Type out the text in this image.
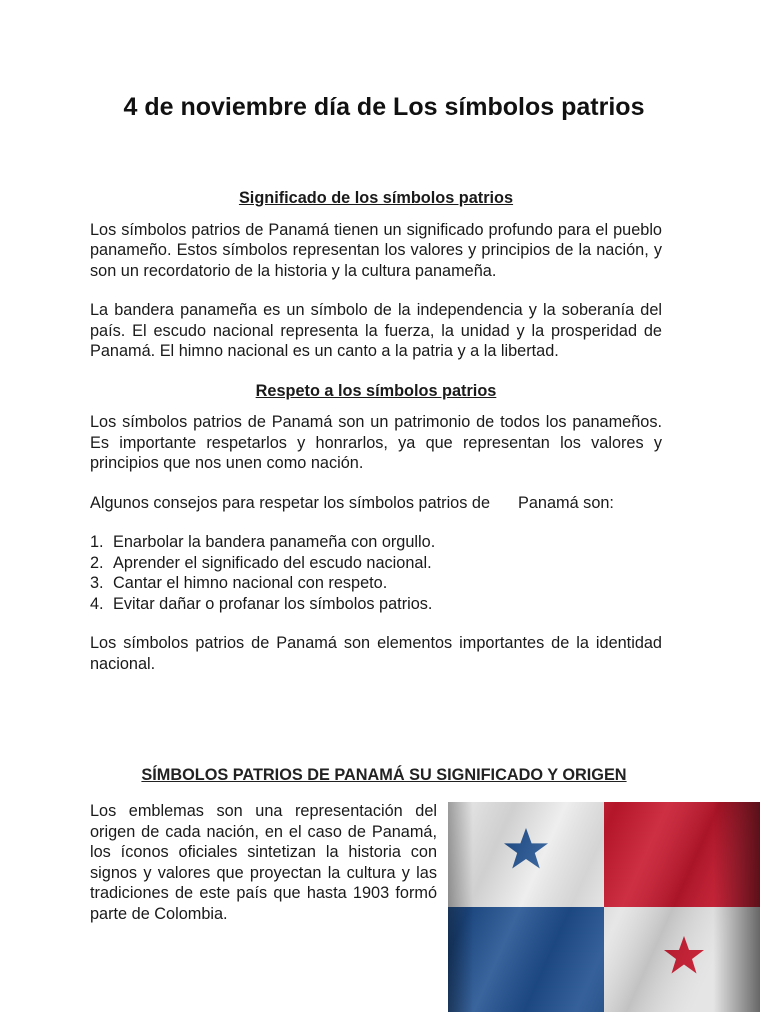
4 de noviembre día de Los símbolos patrios

Significado de los símbolos patrios

Los símbolos patrios de Panamá tienen un significado profundo para el pueblo panameño. Estos símbolos representan los valores y principios de la nación, y son un recordatorio de la historia y la cultura panameña.

La bandera panameña es un símbolo de la independencia y la soberanía del país. El escudo nacional representa la fuerza, la unidad y la prosperidad de Panamá. El himno nacional es un canto a la patria y a la libertad.

Respeto a los símbolos patrios

Los símbolos patrios de Panamá son un patrimonio de todos los panameños. Es importante respetarlos y honrarlos, ya que representan los valores y principios que nos unen como nación.

Algunos consejos para respetar los símbolos patrios de Panamá son:

1. Enarbolar la bandera panameña con orgullo.
2. Aprender el significado del escudo nacional.
3. Cantar el himno nacional con respeto.
4. Evitar dañar o profanar los símbolos patrios.

Los símbolos patrios de Panamá son elementos importantes de la identidad nacional.

SÍMBOLOS PATRIOS DE PANAMÁ SU SIGNIFICADO Y ORIGEN

Los emblemas son una representación del origen de cada nación, en el caso de Panamá, los íconos oficiales sintetizan la historia con signos y valores que proyectan la cultura y las tradiciones de este país que hasta 1903 formó parte de Colombia.
